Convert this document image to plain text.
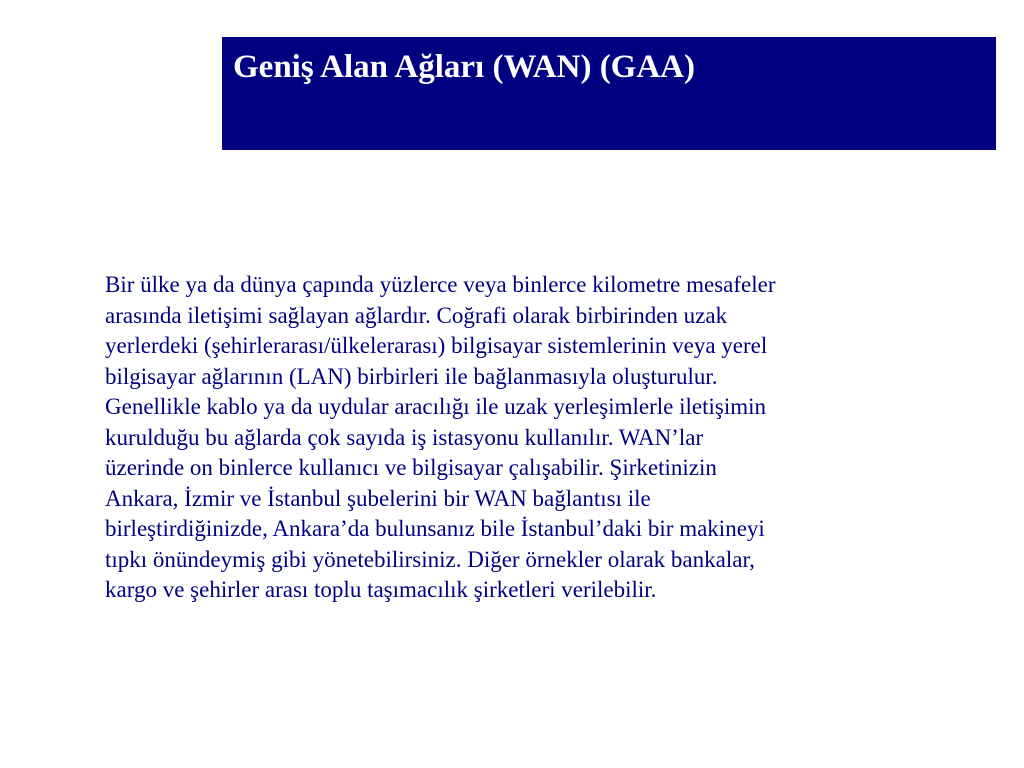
Geniş Alan Ağları (WAN) (GAA)

Bir ülke ya da dünya çapında yüzlerce veya binlerce kilometre mesafeler
arasında iletişimi sağlayan ağlardır. Coğrafi olarak birbirinden uzak
yerlerdeki (şehirlerarası/ülkelerarası) bilgisayar sistemlerinin veya yerel
bilgisayar ağlarının (LAN) birbirleri ile bağlanmasıyla oluşturulur.
Genellikle kablo ya da uydular aracılığı ile uzak yerleşimlerle iletişimin
kurulduğu bu ağlarda çok sayıda iş istasyonu kullanılır. WAN’lar
üzerinde on binlerce kullanıcı ve bilgisayar çalışabilir. Şirketinizin
Ankara, İzmir ve İstanbul şubelerini bir WAN bağlantısı ile
birleştirdiğinizde, Ankara’da bulunsanız bile İstanbul’daki bir makineyi
tıpkı önündeymiş gibi yönetebilirsiniz. Diğer örnekler olarak bankalar,
kargo ve şehirler arası toplu taşımacılık şirketleri verilebilir.
